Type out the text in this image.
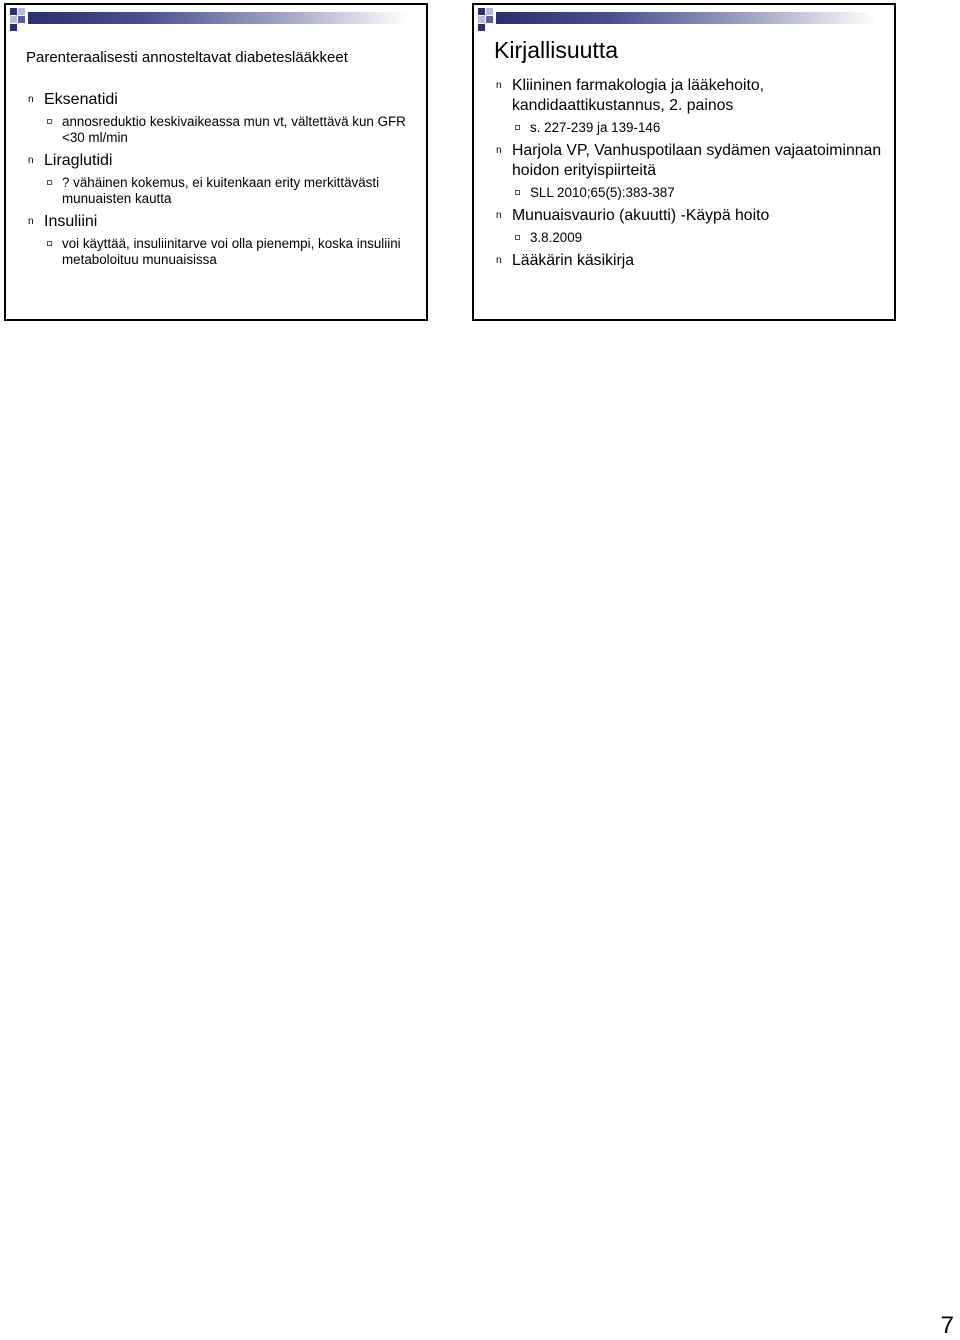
Parenteraalisesti annosteltavat diabeteslääkkeet
n Eksenatidi
annosreduktio keskivaikeassa mun vt, vältettävä kun GFR <30 ml/min
n Liraglutidi
? vähäinen kokemus, ei kuitenkaan erity merkittävästi munuaisten kautta
n Insuliini
voi käyttää, insuliinitarve voi olla pienempi, koska insuliini metaboloituu munuaisissa
Kirjallisuutta
n Kliininen farmakologia ja lääkehoito, kandidaattikustannus, 2. painos
s. 227-239 ja 139-146
n Harjola VP, Vanhuspotilaan sydämen vajaatoiminnan hoidon erityispiirteitä
SLL 2010;65(5):383-387
n Munuaisvaurio (akuutti) -Käypä hoito
3.8.2009
n Lääkärin käsikirja
7
